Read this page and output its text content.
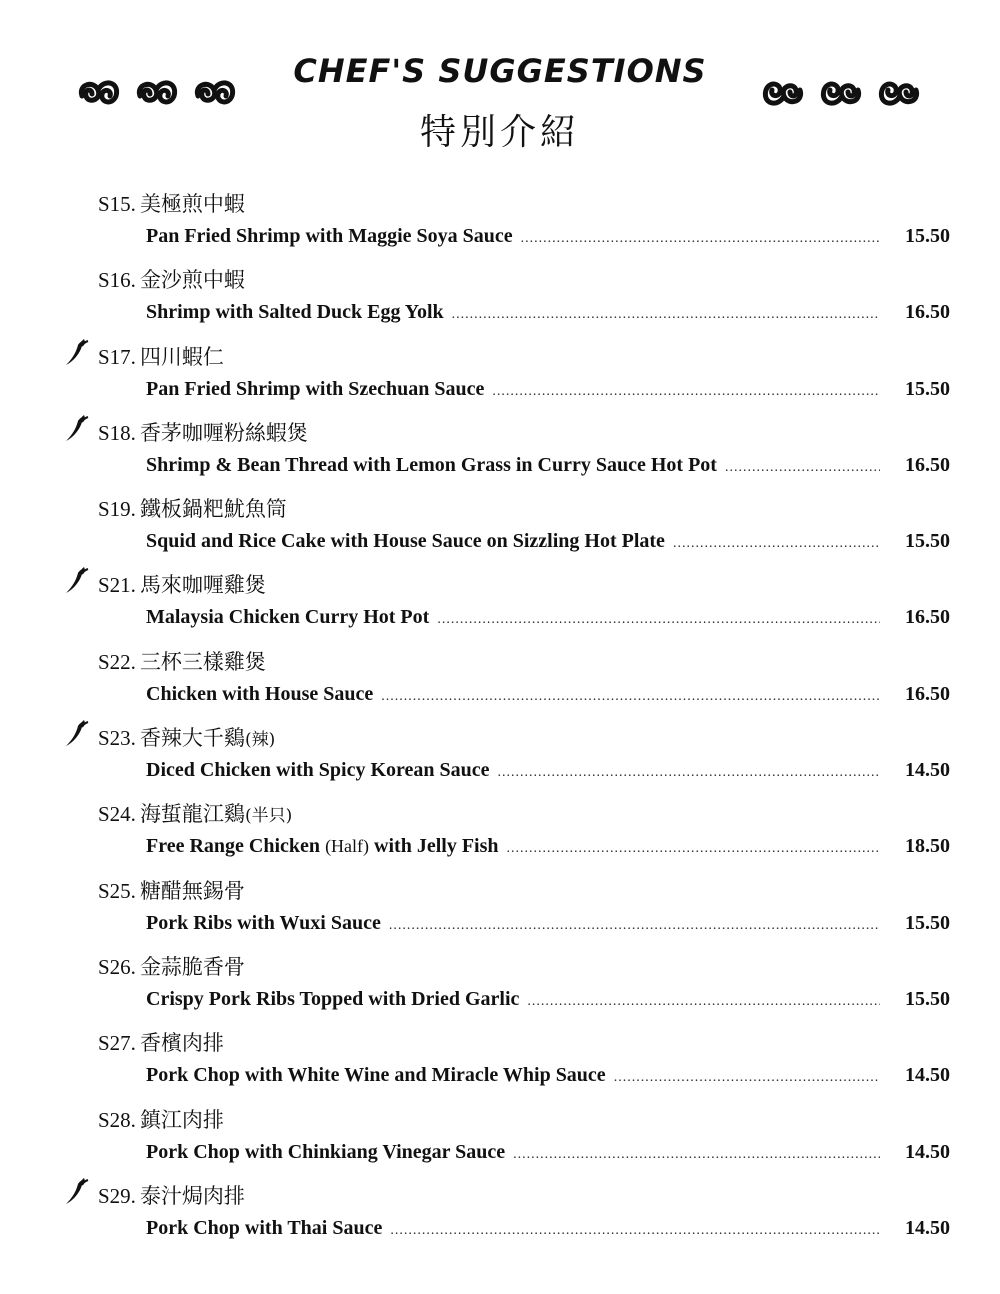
CHEF'S SUGGESTIONS
特別介紹
S15. 美極煎中蝦
Pan Fried Shrimp with Maggie Soya Sauce .....	15.50
S16. 金沙煎中蝦
Shrimp with Salted Duck Egg Yolk .....	16.50
S17. 四川蝦仁
Pan Fried Shrimp with Szechuan Sauce .....	15.50
S18. 香茅咖喱粉絲蝦煲
Shrimp & Bean Thread with Lemon Grass in Curry Sauce Hot Pot .....	16.50
S19. 鐵板鍋粑魷魚筒
Squid and Rice Cake with House Sauce on Sizzling Hot Plate .....	15.50
S21. 馬來咖喱雞煲
Malaysia Chicken Curry Hot Pot .....	16.50
S22. 三杯三樣雞煲
Chicken with House Sauce .....	16.50
S23. 香辣大千鷄(辣)
Diced Chicken with Spicy Korean Sauce .....	14.50
S24. 海蜇龍江鷄(半只)
Free Range Chicken (Half) with Jelly Fish .....	18.50
S25. 糖醋無錫骨
Pork Ribs with Wuxi Sauce .....	15.50
S26. 金蒜脆香骨
Crispy Pork Ribs Topped with Dried Garlic .....	15.50
S27. 香檳肉排
Pork Chop with White Wine and Miracle Whip Sauce .....	14.50
S28. 鎮江肉排
Pork Chop with Chinkiang Vinegar Sauce .....	14.50
S29. 泰汁焗肉排
Pork Chop with Thai Sauce .....	14.50
